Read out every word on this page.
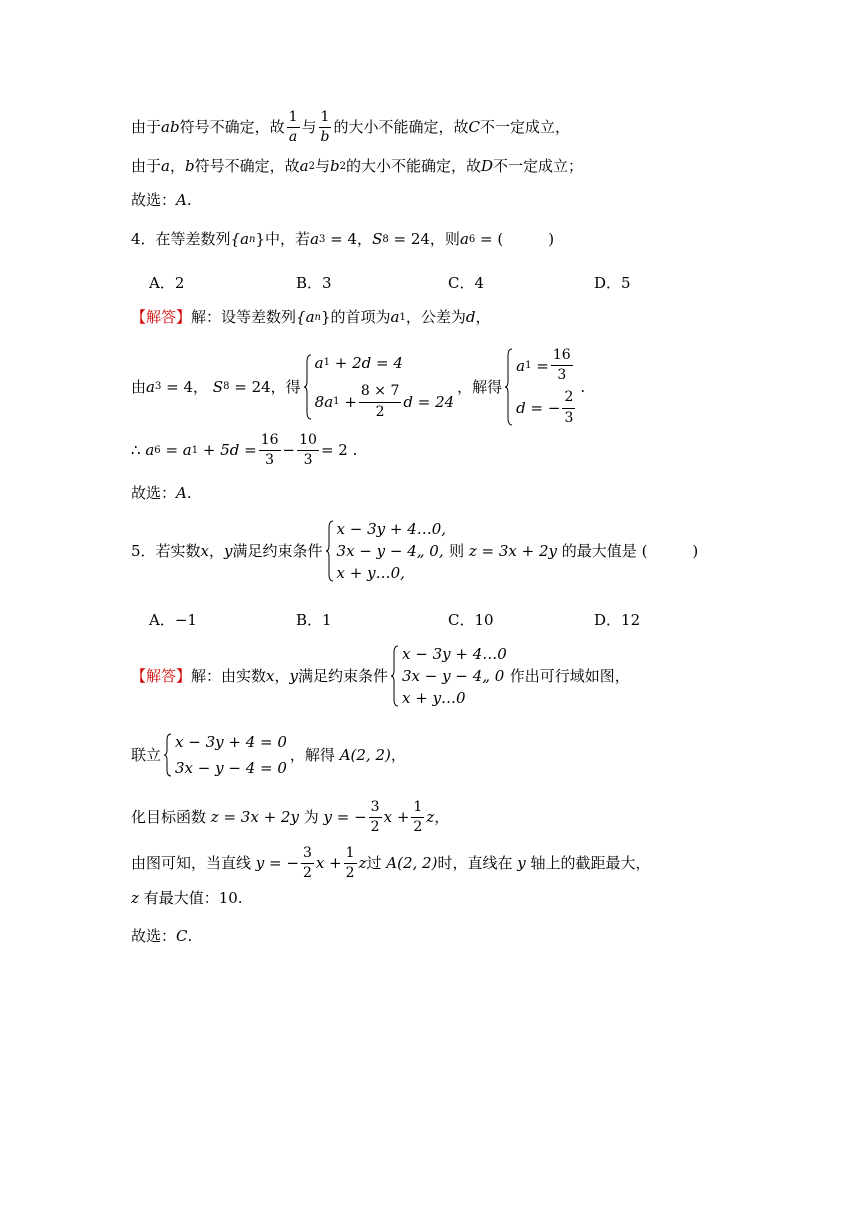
由于 ab 符号不确定，故 $\frac{1}{a}$ 与 $\frac{1}{b}$ 的大小不能确定，故 C 不一定成立，
由于 a ， b 符号不确定，故 a 2 与 b 2 的大小不能确定，故 D 不一定成立；
故选： A .
4．在等差数列 {a n } 中，若 a 3
= 4， S 8
= 24，则 a 6
= (　　　)
A．2	B．3	C．4	D．5
【解答】 解：设等差数列 {a n } 的首项为 a 1 ，公差为 d ，
由 a 3
= 4，
S 8
= 24，得
a 1
+ 2d = 4
8a 1
+ $\frac{8 \times 7}{2}$ d = 24
，解得
a 1
= $\frac{16}{3}$
d = − $\frac{2}{3}$
.
∴
a 6
= a 1
+ $5d = \frac{16}{3} - \frac{10}{3} = 2$ .
故选： A .
5．若实数 x ， y 满足约束条件
x − 3y + 4…0,
3x − y − 4„ 0,
x + y…0,
则
z = 3x + 2y
的最大值是 (　　　)
A．−1	B．1	C．10	D．12
【解答】 解：由实数 x ， y 满足约束条件
x − 3y + 4…0
3x − y − 4„ 0
x + y…0
作出可行域如图，
联立
x − 3y + 4 = 0
3x − y − 4 = 0
，解得
A(2, 2) ，
化目标函数
z = 3x + 2y
为
y = − $\frac{3}{2}$ $x + \frac{1}{2}$ z ，
由图可知，当直线
y = − $\frac{3}{2}$ $x + \frac{1}{2}$ z 过
A(2, 2) 时，直线在
y
轴上的截距最大，
z
有最大值：10.
故选： C .
